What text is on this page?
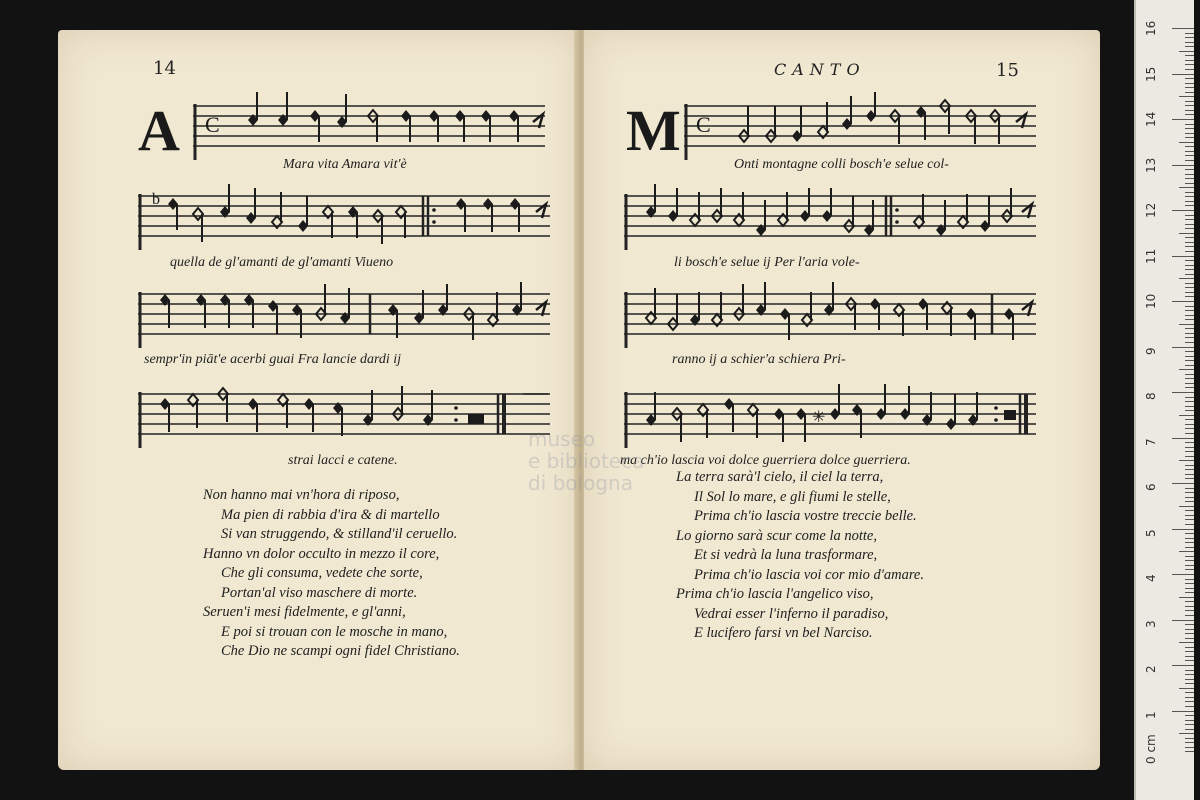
14
A C
Mara vita Amara vit'è
b
quella de gl'amanti de gl'amanti Viueno
sempr'in piāt'e acerbi guai Fra lancie dardi ij
strai lacci e catene.
Non hanno mai vn'hora di riposo,
Ma pien di rabbia d'ira & di martello
Si van struggendo, & stilland'il ceruello.
Hanno vn dolor occulto in mezzo il core,
Che gli consuma, vedete che sorte,
Portan'al viso maschere di morte.
Seruen'i mesi fidelmente, e gl'anni,
E poi si trouan con le mosche in mano,
Che Dio ne scampi ogni fidel Christiano.
CANTO	15
M C
Onti montagne colli bosch'e selue col-
li bosch'e selue ij Per l'aria vole-
ranno ij a schier'a schiera Pri-
✳
ma ch'io lascia voi dolce guerriera dolce guerriera.
La terra sarà'l cielo, il ciel la terra,
Il Sol lo mare, e gli fiumi le stelle,
Prima ch'io lascia vostre treccie belle.
Lo giorno sarà scur come la notte,
Et si vedrà la luna trasformare,
Prima ch'io lascia voi cor mio d'amare.
Prima ch'io lascia l'angelico viso,
Vedrai esser l'inferno il paradiso,
E lucifero farsi vn bel Narciso.
museo
e biblioteca
di bologna
16
15
14
13
12
11
10
9
8
7
6
5
4
3
2
1
0 cm
